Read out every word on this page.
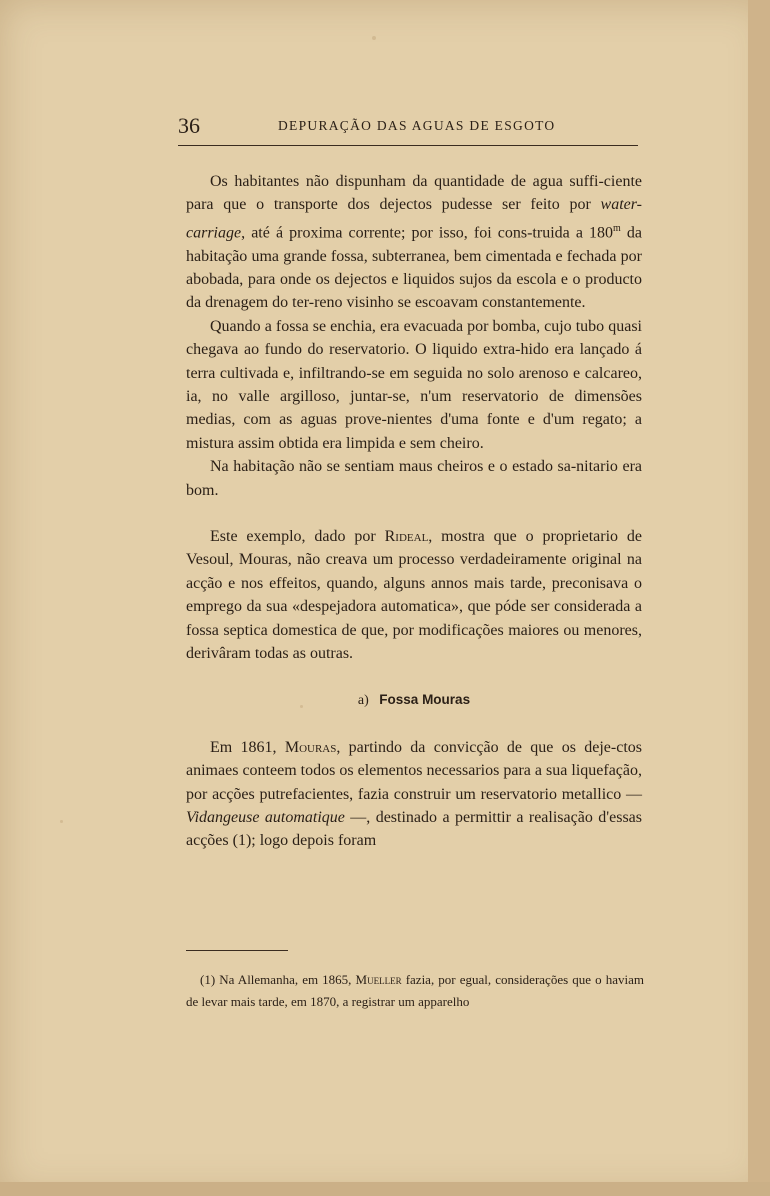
36	DEPURAÇÃO DAS AGUAS DE ESGOTO

Os habitantes não dispunham da quantidade de agua suffi-ciente para que o transporte dos dejectos pudesse ser feito por water-carriage, até á proxima corrente; por isso, foi cons-truida a 180$^m$ da habitação uma grande fossa, subterranea, bem cimentada e fechada por abobada, para onde os dejectos e liquidos sujos da escola e o producto da drenagem do ter-reno visinho se escoavam constantemente.

Quando a fossa se enchia, era evacuada por bomba, cujo tubo quasi chegava ao fundo do reservatorio. O liquido extra-hido era lançado á terra cultivada e, infiltrando-se em seguida no solo arenoso e calcareo, ia, no valle argilloso, juntar-se, n'um reservatorio de dimensões medias, com as aguas prove-nientes d'uma fonte e d'um regato; a mistura assim obtida era limpida e sem cheiro.

Na habitação não se sentiam maus cheiros e o estado sa-nitario era bom.

Este exemplo, dado por Rideal, mostra que o proprietario de Vesoul, Mouras, não creava um processo verdadeiramente original na acção e nos effeitos, quando, alguns annos mais tarde, preconisava o emprego da sua «despejadora automatica», que póde ser considerada a fossa septica domestica de que, por modificações maiores ou menores, derivâram todas as outras.

a) Fossa Mouras

Em 1861, Mouras, partindo da convicção de que os deje-ctos animaes conteem todos os elementos necessarios para a sua liquefação, por acções putrefacientes, fazia construir um reservatorio metallico — Vidangeuse automatique —, destinado a permittir a realisação d'essas acções (1); logo depois foram

(1) Na Allemanha, em 1865, Mueller fazia, por egual, considerações que o haviam de levar mais tarde, em 1870, a registrar um apparelho
